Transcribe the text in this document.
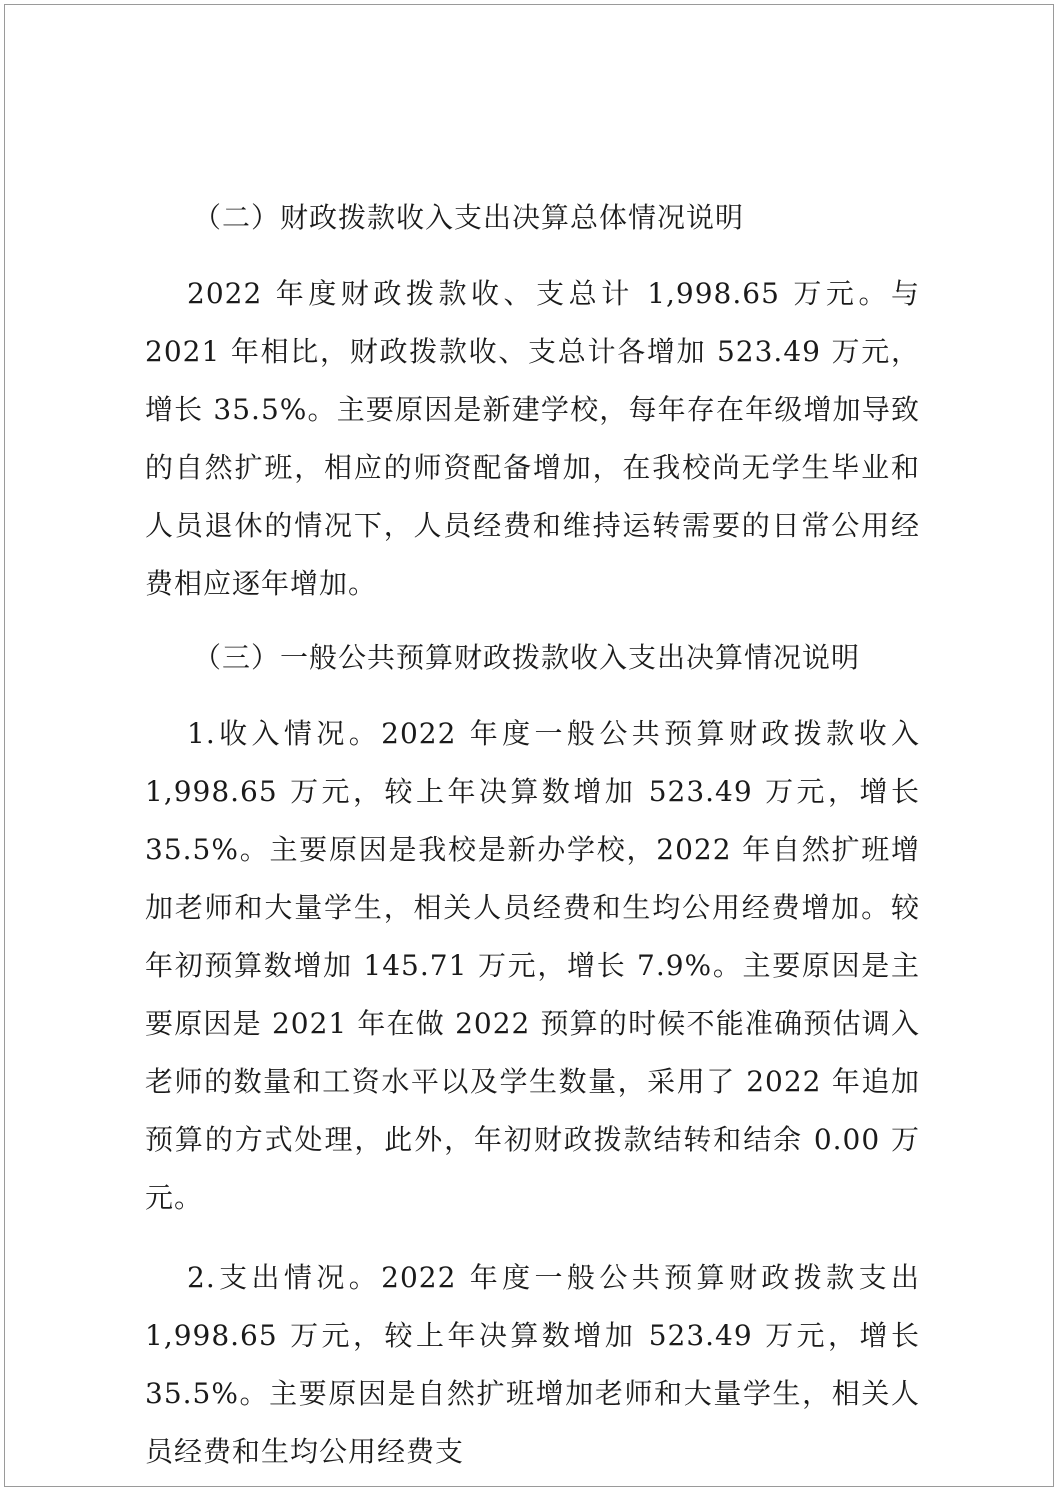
（二）财政拨款收入支出决算总体情况说明

2022 年度财政拨款收、支总计 1,998.65 万元。与 2021 年相比，财政拨款收、支总计各增加 523.49 万元，增长 35.5%。主要原因是新建学校，每年存在年级增加导致的自然扩班，相应的师资配备增加，在我校尚无学生毕业和人员退休的情况下，人员经费和维持运转需要的日常公用经费相应逐年增加。

（三）一般公共预算财政拨款收入支出决算情况说明

1.收入情况。2022 年度一般公共预算财政拨款收入 1,998.65 万元，较上年决算数增加 523.49 万元，增长 35.5%。主要原因是我校是新办学校，2022 年自然扩班增加老师和大量学生，相关人员经费和生均公用经费增加。较年初预算数增加 145.71 万元，增长 7.9%。主要原因是主要原因是 2021 年在做 2022 预算的时候不能准确预估调入老师的数量和工资水平以及学生数量，采用了 2022 年追加预算的方式处理，此外，年初财政拨款结转和结余 0.00 万元。

2.支出情况。2022 年度一般公共预算财政拨款支出 1,998.65 万元，较上年决算数增加 523.49 万元，增长 35.5%。主要原因是自然扩班增加老师和大量学生，相关人员经费和生均公用经费支
